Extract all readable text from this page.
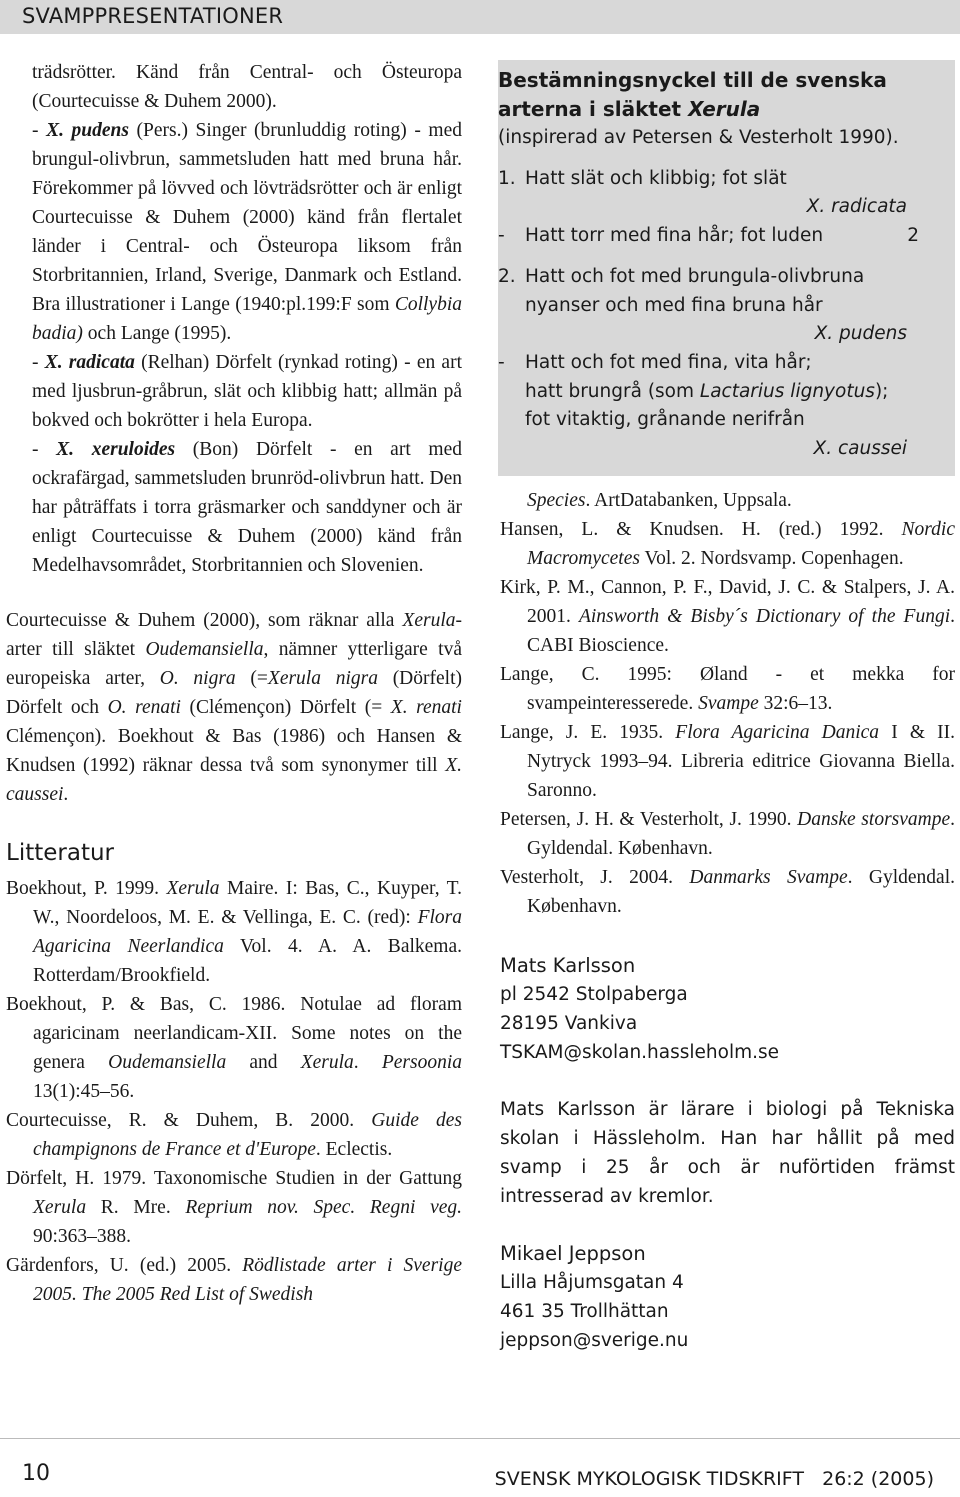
SVAMPPRESENTATIONER

trädsrötter. Känd från Central- och Östeuropa (Courtecuisse & Duhem 2000).
- X. pudens (Pers.) Singer (brunluddig roting) - med brungul-olivbrun, sammetsluden hatt med bruna hår. Förekommer på lövved och lövträdsrötter och är enligt Courtecuisse & Duhem (2000) känd från flertalet länder i Central- och Östeuropa liksom från Storbritannien, Irland, Sverige, Danmark och Estland. Bra illustrationer i Lange (1940:pl.199:F som Collybia badia) och Lange (1995).

- X. radicata (Relhan) Dörfelt (rynkad roting) - en art med ljusbrun-gråbrun, slät och klibbig hatt; allmän på bokved och bokrötter i hela Europa.

- X. xeruloides (Bon) Dörfelt - en art med ockrafärgad, sammetsluden brunröd-olivbrun hatt. Den har påträffats i torra gräsmarker och sanddyner och är enligt Courtecuisse & Duhem (2000) känd från Medelhavsområdet, Storbritannien och Slovenien.

Courtecuisse & Duhem (2000), som räknar alla Xerula-arter till släktet Oudemansiella, nämner ytterligare två europeiska arter, O. nigra (=Xerula nigra (Dörfelt) Dörfelt och O. renati (Clémençon) Dörfelt (= X. renati Clémençon). Boekhout & Bas (1986) och Hansen & Knudsen (1992) räknar dessa två som synonymer till X. caussei.

Litteratur

Boekhout, P. 1999. Xerula Maire. I: Bas, C., Kuyper, T. W., Noordeloos, M. E. & Vellinga, E. C. (red): Flora Agaricina Neerlandica Vol. 4. A. A. Balkema. Rotterdam/Brookfield.

Boekhout, P. & Bas, C. 1986. Notulae ad floram agaricinam neerlandicam-XII. Some notes on the genera Oudemansiella and Xerula. Persoonia 13(1):45–56.

Courtecuisse, R. & Duhem, B. 2000. Guide des champignons de France et d'Europe. Eclectis.

Dörfelt, H. 1979. Taxonomische Studien in der Gattung Xerula R. Mre. Reprium nov. Spec. Regni veg. 90:363–388.

Gärdenfors, U. (ed.) 2005. Rödlistade arter i Sverige 2005. The 2005 Red List of Swedish

Bestämningsnyckel till de svenska arterna i släktet Xerula
(inspirerad av Petersen & Vesterholt 1990).
1. Hatt slät och klibbig; fot slät
X. radicata
- Hatt torr med fina hår; fot luden	2
2. Hatt och fot med brungula-olivbruna
nyanser och med fina bruna hår
X. pudens
- Hatt och fot med fina, vita hår;
hatt brungrå (som Lactarius lignyotus);
fot vitaktig, grånande nerifrån
X. caussei

Species. ArtDatabanken, Uppsala.

Hansen, L. & Knudsen. H. (red.) 1992. Nordic Macromycetes Vol. 2. Nordsvamp. Copenhagen.

Kirk, P. M., Cannon, P. F., David, J. C. & Stalpers, J. A. 2001. Ainsworth & Bisby´s Dictionary of the Fungi. CABI Bioscience.

Lange, C. 1995: Øland - et mekka for svampeinteresserede. Svampe 32:6–13.

Lange, J. E. 1935. Flora Agaricina Danica I & II. Nytryck 1993–94. Libreria editrice Giovanna Biella. Saronno.

Petersen, J. H. & Vesterholt, J. 1990. Danske storsvampe. Gyldendal. København.

Vesterholt, J. 2004. Danmarks Svampe. Gyldendal. København.

Mats Karlsson
pl 2542 Stolpaberga
28195 Vankiva
TSKAM@skolan.hassleholm.se
Mats Karlsson är lärare i biologi på Tekniska skolan i Hässleholm. Han har hållit på med svamp i 25 år och är nuförtiden främst intresserad av kremlor.
Mikael Jeppson
Lilla Håjumsgatan 4
461 35 Trollhättan
jeppson@sverige.nu
10	SVENSK MYKOLOGISK TIDSKRIFT   26:2 (2005)
